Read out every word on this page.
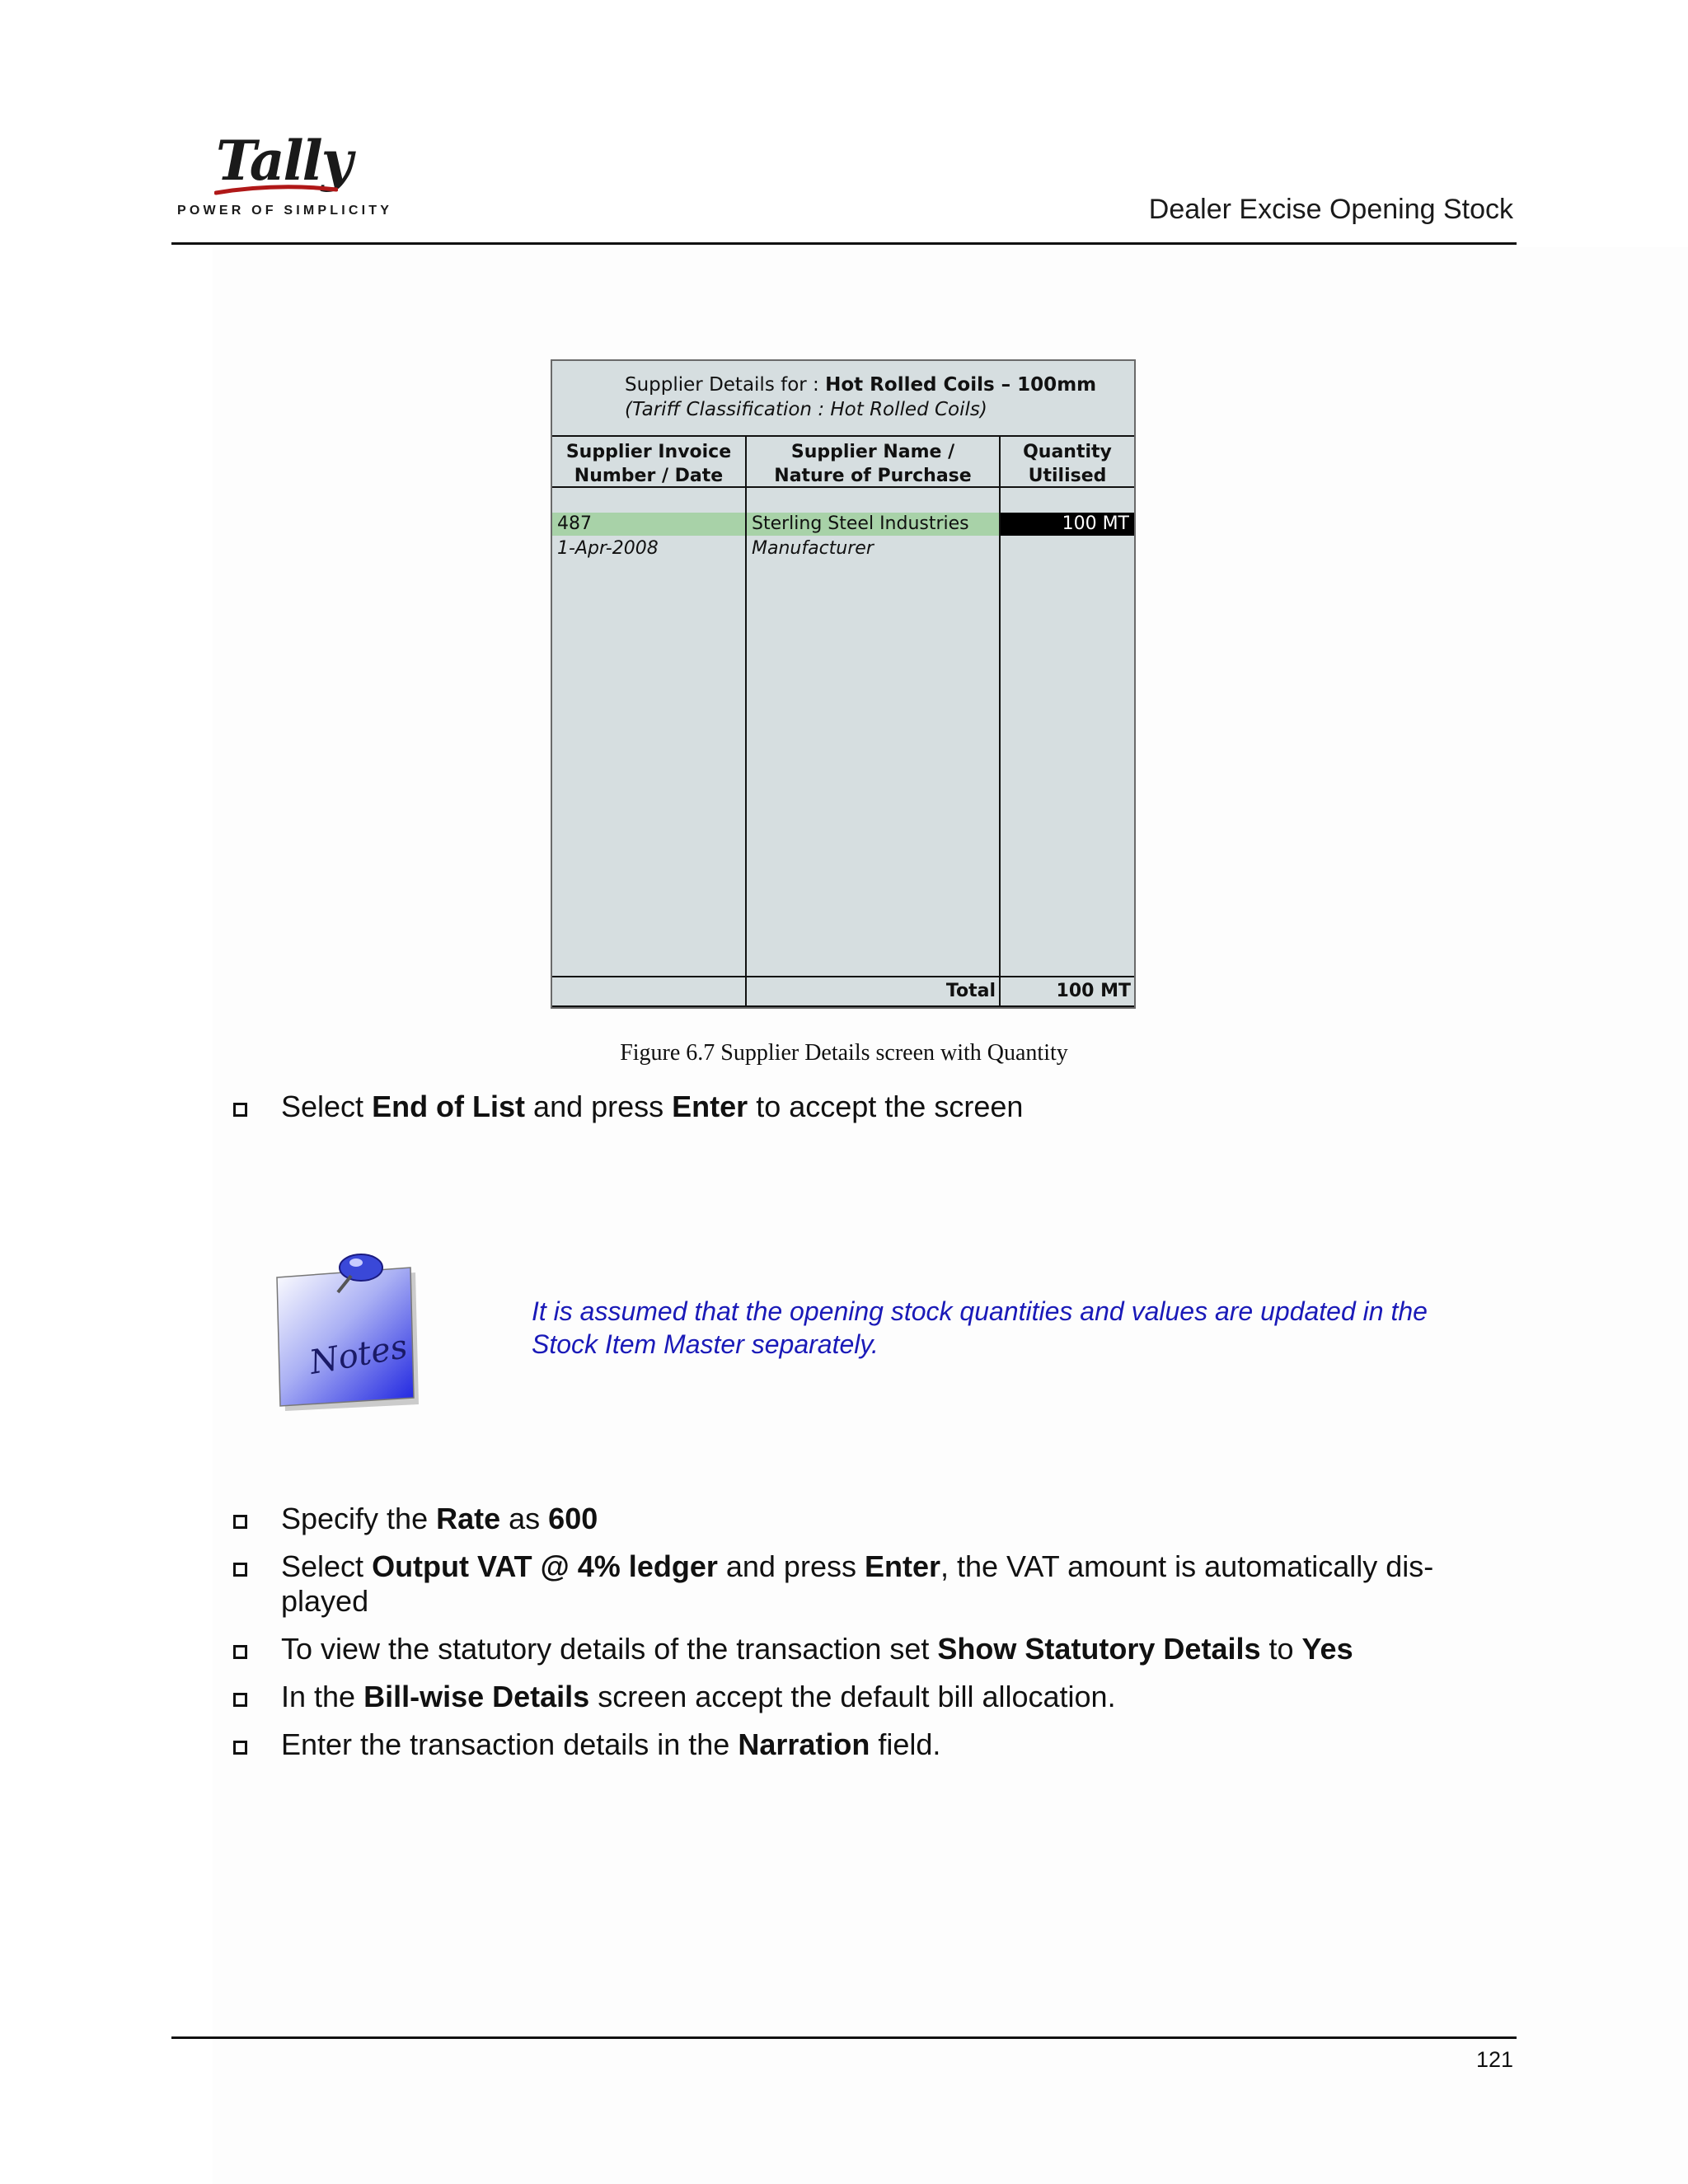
Tally
POWER OF SIMPLICITY	Dealer Excise Opening Stock
Supplier Details for : Hot Rolled Coils – 100mm
(Tariff Classification : Hot Rolled Coils)
Supplier Invoice
Number / Date
Supplier Name /
Nature of Purchase
Quantity
Utilised
100 MT
487
1-Apr-2008
Sterling Steel Industries
Manufacturer
Total	100 MT
Figure 6.7 Supplier Details screen with Quantity
Select End of List and press Enter to accept the screen
Notes
It is assumed that the opening stock quantities and values are updated in the Stock Item Master separately.
Specify the Rate as 600
Select Output VAT @ 4% ledger and press Enter, the VAT amount is automatically dis-played
To view the statutory details of the transaction set Show Statutory Details to Yes
In the Bill-wise Details screen accept the default bill allocation.
Enter the transaction details in the Narration field.
121
